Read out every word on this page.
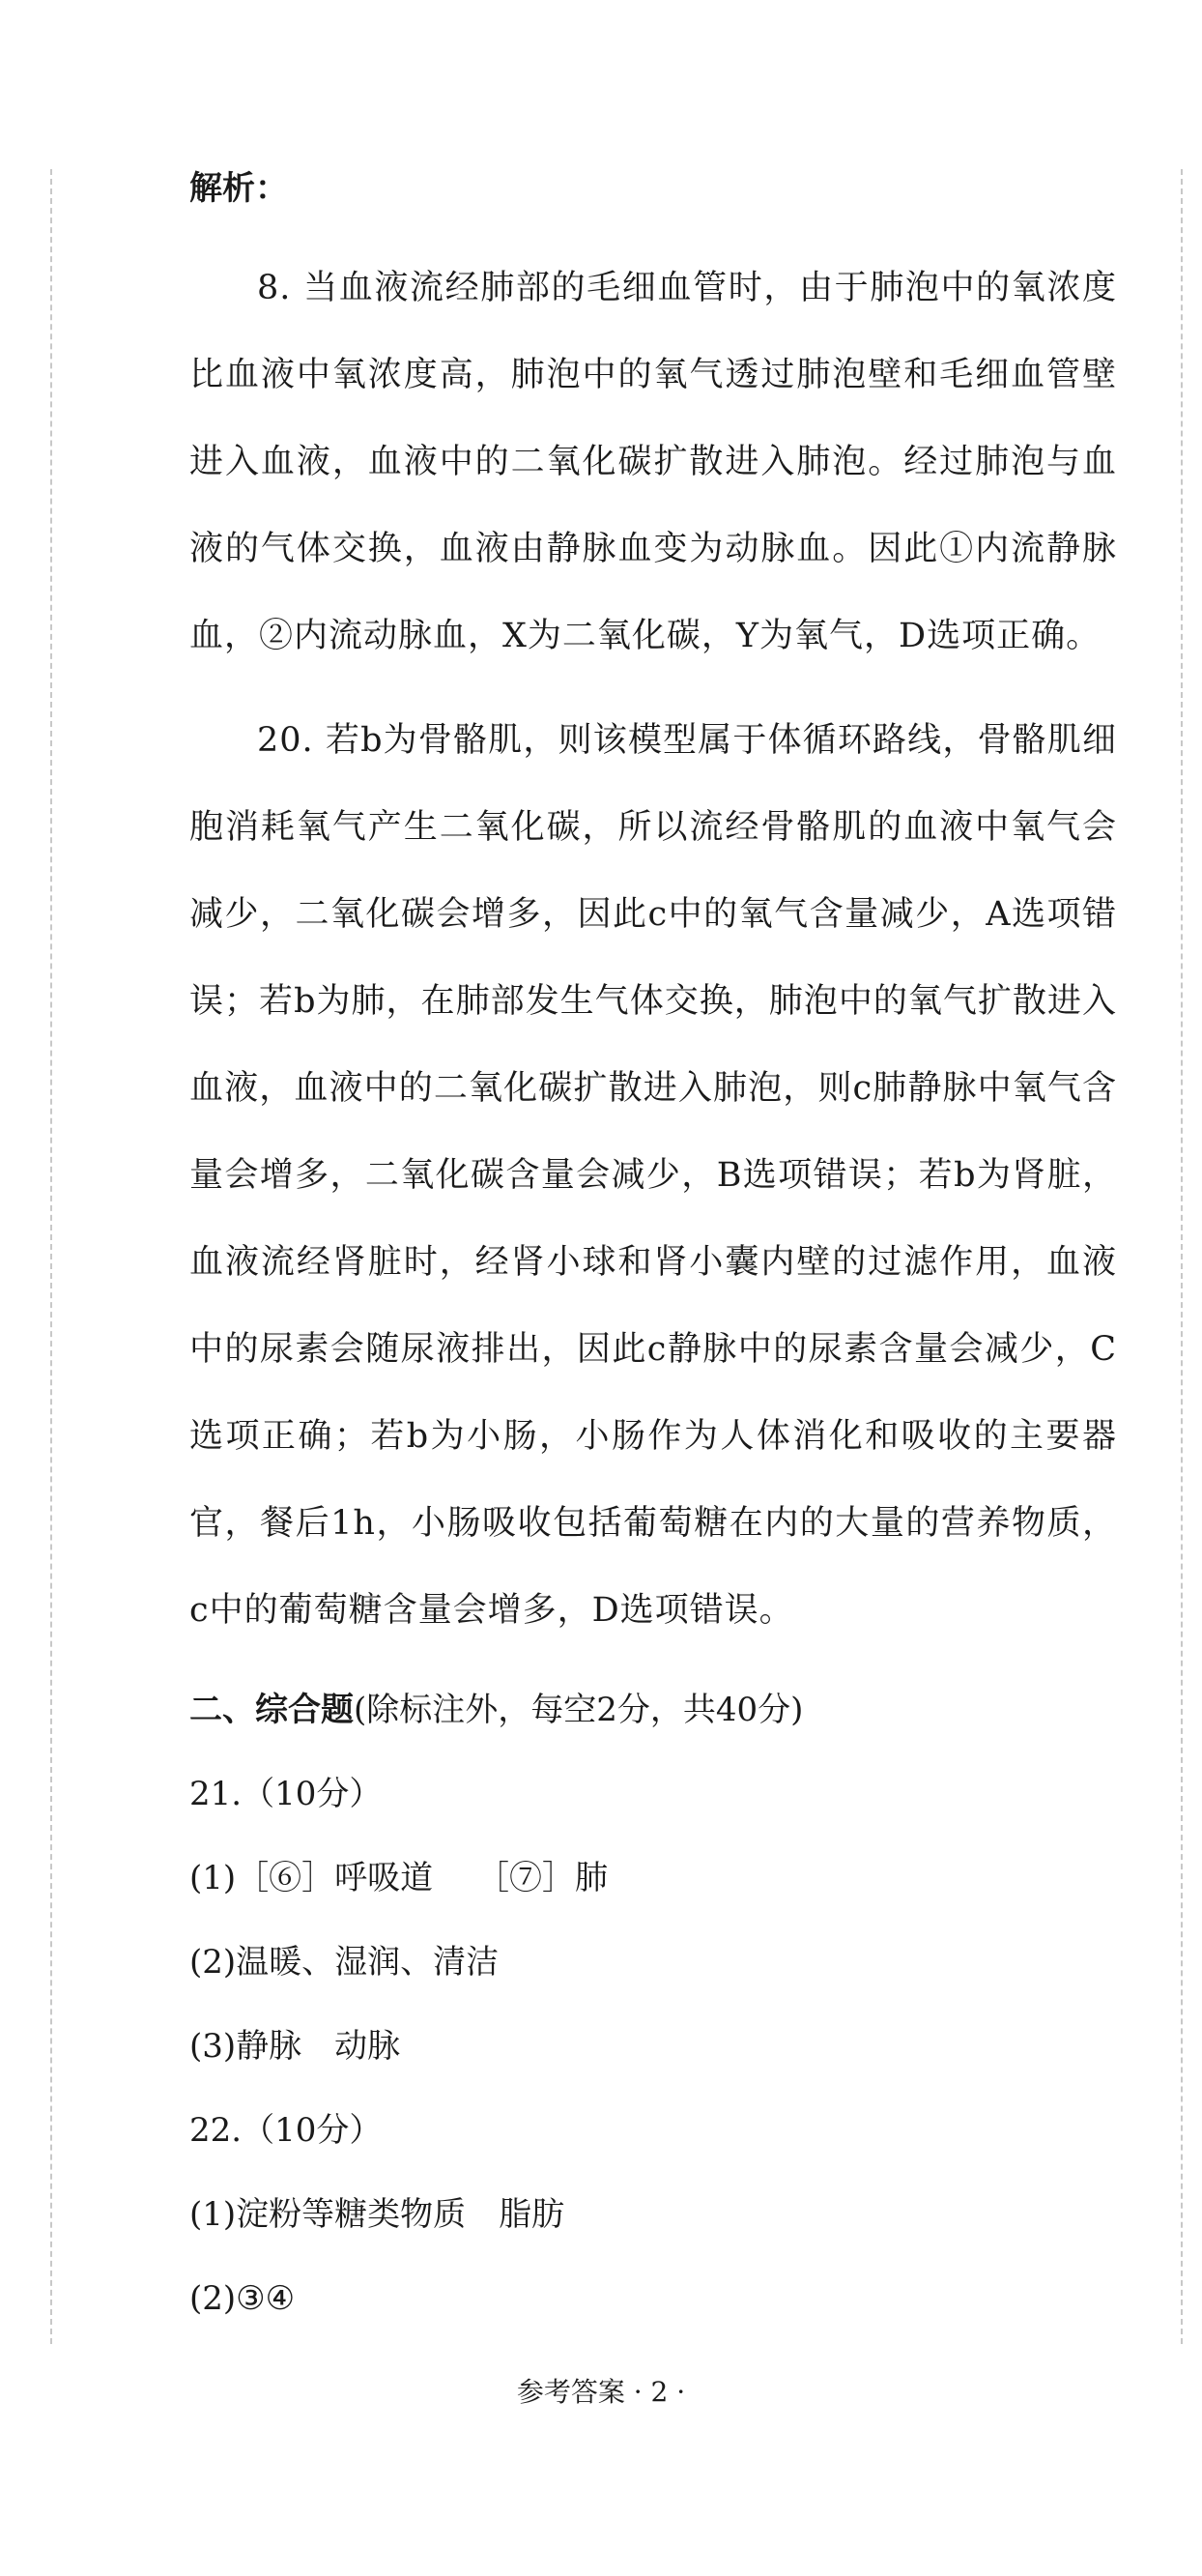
解析：

8. 当血液流经肺部的毛细血管时，由于肺泡中的氧浓度比血液中氧浓度高，肺泡中的氧气透过肺泡壁和毛细血管壁进入血液，血液中的二氧化碳扩散进入肺泡。经过肺泡与血液的气体交换，血液由静脉血变为动脉血。因此①内流静脉血，②内流动脉血，X为二氧化碳，Y为氧气，D选项正确。

20. 若b为骨骼肌，则该模型属于体循环路线，骨骼肌细胞消耗氧气产生二氧化碳，所以流经骨骼肌的血液中氧气会减少，二氧化碳会增多，因此c中的氧气含量减少，A选项错误；若b为肺，在肺部发生气体交换，肺泡中的氧气扩散进入血液，血液中的二氧化碳扩散进入肺泡，则c肺静脉中氧气含量会增多，二氧化碳含量会减少，B选项错误；若b为肾脏，血液流经肾脏时，经肾小球和肾小囊内壁的过滤作用，血液中的尿素会随尿液排出，因此c静脉中的尿素含量会减少，C选项正确；若b为小肠，小肠作为人体消化和吸收的主要器官，餐后1h，小肠吸收包括葡萄糖在内的大量的营养物质，c中的葡萄糖含量会增多，D选项错误。

二、综合题(除标注外，每空2分，共40分)

21.（10分）

(1)［⑥］呼吸道　 ［⑦］肺

(2)温暖、湿润、清洁

(3)静脉　动脉

22.（10分）

(1)淀粉等糖类物质　脂肪

(2)③④

参考答案 · 2 ·
